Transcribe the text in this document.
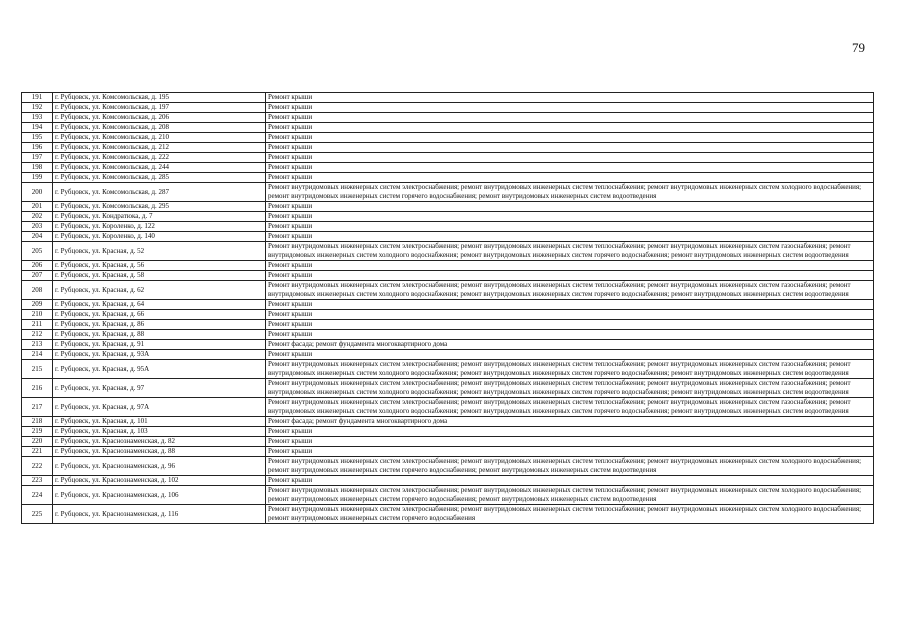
79
191	г. Рубцовск, ул. Комсомольская, д. 195	Ремонт крыши
192	г. Рубцовск, ул. Комсомольская, д. 197	Ремонт крыши
193	г. Рубцовск, ул. Комсомольская, д. 206	Ремонт крыши
194	г. Рубцовск, ул. Комсомольская, д. 208	Ремонт крыши
195	г. Рубцовск, ул. Комсомольская, д. 210	Ремонт крыши
196	г. Рубцовск, ул. Комсомольская, д. 212	Ремонт крыши
197	г. Рубцовск, ул. Комсомольская, д. 222	Ремонт крыши
198	г. Рубцовск, ул. Комсомольская, д. 244	Ремонт крыши
199	г. Рубцовск, ул. Комсомольская, д. 285	Ремонт крыши
200	г. Рубцовск, ул. Комсомольская, д. 287	Ремонт внутридомовых инженерных систем электроснабжения; ремонт внутридомовых инженерных систем теплоснабжения; ремонт внутридомовых инженерных систем холодного водоснабжения; ремонт внутридомовых инженерных систем горячего водоснабжения; ремонт внутридомовых инженерных систем водоотведения
201	г. Рубцовск, ул. Комсомольская, д. 295	Ремонт крыши
202	г. Рубцовск, ул. Кондратюка, д. 7	Ремонт крыши
203	г. Рубцовск, ул. Короленко, д. 122	Ремонт крыши
204	г. Рубцовск, ул. Короленко, д. 140	Ремонт крыши
205	г. Рубцовск, ул. Красная, д. 52	Ремонт внутридомовых инженерных систем электроснабжения; ремонт внутридомовых инженерных систем теплоснабжения; ремонт внутридомовых инженерных систем газоснабжения; ремонт внутридомовых инженерных систем холодного водоснабжения; ремонт внутридомовых инженерных систем горячего водоснабжения; ремонт внутридомовых инженерных систем водоотведения
206	г. Рубцовск, ул. Красная, д. 56	Ремонт крыши
207	г. Рубцовск, ул. Красная, д. 58	Ремонт крыши
208	г. Рубцовск, ул. Красная, д. 62	Ремонт внутридомовых инженерных систем электроснабжения; ремонт внутридомовых инженерных систем теплоснабжения; ремонт внутридомовых инженерных систем газоснабжения; ремонт внутридомовых инженерных систем холодного водоснабжения; ремонт внутридомовых инженерных систем горячего водоснабжения; ремонт внутридомовых инженерных систем водоотведения
209	г. Рубцовск, ул. Красная, д. 64	Ремонт крыши
210	г. Рубцовск, ул. Красная, д. 66	Ремонт крыши
211	г. Рубцовск, ул. Красная, д. 86	Ремонт крыши
212	г. Рубцовск, ул. Красная, д. 88	Ремонт крыши
213	г. Рубцовск, ул. Красная, д. 91	Ремонт фасада; ремонт фундамента многоквартирного дома
214	г. Рубцовск, ул. Красная, д. 93А	Ремонт крыши
215	г. Рубцовск, ул. Красная, д. 95А	Ремонт внутридомовых инженерных систем электроснабжения; ремонт внутридомовых инженерных систем теплоснабжения; ремонт внутридомовых инженерных систем газоснабжения; ремонт внутридомовых инженерных систем холодного водоснабжения; ремонт внутридомовых инженерных систем горячего водоснабжения; ремонт внутридомовых инженерных систем водоотведения
216	г. Рубцовск, ул. Красная, д. 97	Ремонт внутридомовых инженерных систем электроснабжения; ремонт внутридомовых инженерных систем теплоснабжения; ремонт внутридомовых инженерных систем газоснабжения; ремонт внутридомовых инженерных систем холодного водоснабжения; ремонт внутридомовых инженерных систем горячего водоснабжения; ремонт внутридомовых инженерных систем водоотведения
217	г. Рубцовск, ул. Красная, д. 97А	Ремонт внутридомовых инженерных систем электроснабжения; ремонт внутридомовых инженерных систем теплоснабжения; ремонт внутридомовых инженерных систем газоснабжения; ремонт внутридомовых инженерных систем холодного водоснабжения; ремонт внутридомовых инженерных систем горячего водоснабжения; ремонт внутридомовых инженерных систем водоотведения
218	г. Рубцовск, ул. Красная, д. 101	Ремонт фасада; ремонт фундамента многоквартирного дома
219	г. Рубцовск, ул. Красная, д. 103	Ремонт крыши
220	г. Рубцовск, ул. Краснознаменская, д. 82	Ремонт крыши
221	г. Рубцовск, ул. Краснознаменская, д. 88	Ремонт крыши
222	г. Рубцовск, ул. Краснознаменская, д. 96	Ремонт внутридомовых инженерных систем электроснабжения; ремонт внутридомовых инженерных систем теплоснабжения; ремонт внутридомовых инженерных систем холодного водоснабжения; ремонт внутридомовых инженерных систем горячего водоснабжения; ремонт внутридомовых инженерных систем водоотведения
223	г. Рубцовск, ул. Краснознаменская, д. 102	Ремонт крыши
224	г. Рубцовск, ул. Краснознаменская, д. 106	Ремонт внутридомовых инженерных систем электроснабжения; ремонт внутридомовых инженерных систем теплоснабжения; ремонт внутридомовых инженерных систем холодного водоснабжения; ремонт внутридомовых инженерных систем горячего водоснабжения; ремонт внутридомовых инженерных систем водоотведения
225	г. Рубцовск, ул. Краснознаменская, д. 116	Ремонт внутридомовых инженерных систем электроснабжения; ремонт внутридомовых инженерных систем теплоснабжения; ремонт внутридомовых инженерных систем холодного водоснабжения; ремонт внутридомовых инженерных систем горячего водоснабжения
